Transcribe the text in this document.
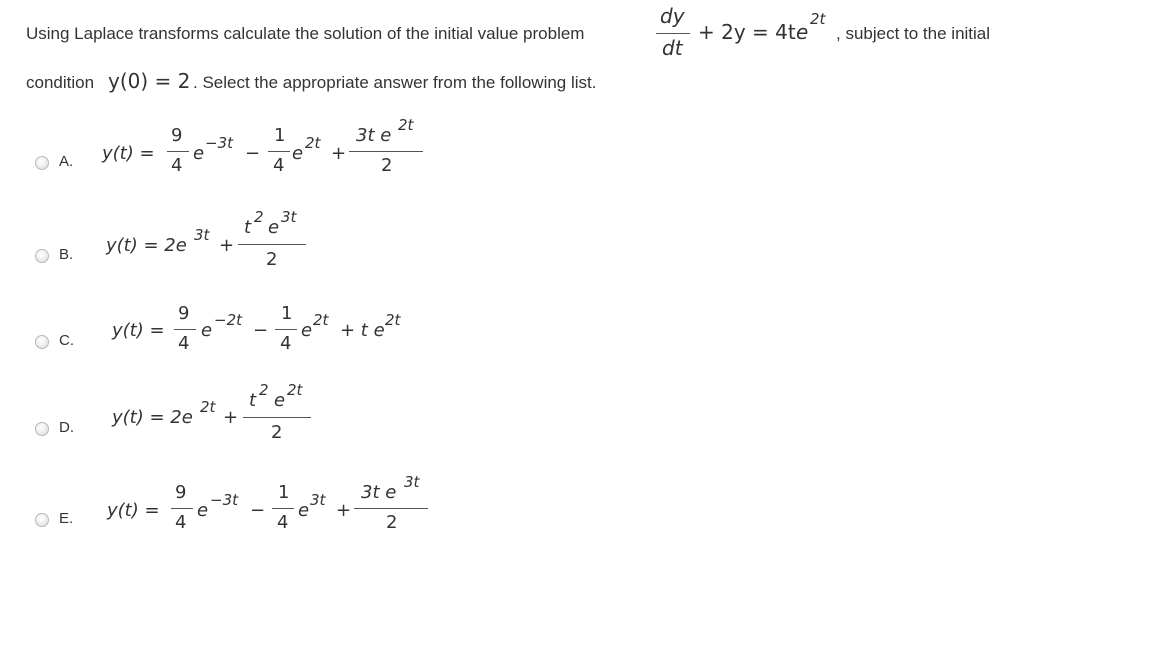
Using Laplace transforms calculate the solution of the initial value problem
dy
dt
+ 2y = 4t e
2t
, subject to the initial
condition y(0) = 2 . Select the appropriate answer from the following list.
A. y(t) =
9
4
e −3t −
1
4
e 2t +
3t e 2t
2
B. y(t) = 2e 3t +
t 2 e 3t
2
C. y(t) =
9
4
e −2t −
1
4
e 2t + t e 2t
D. y(t) = 2e 2t +
t 2 e 2t
2
E. y(t) =
9
4
e −3t −
1
4
e 3t +
3t e 3t
2
